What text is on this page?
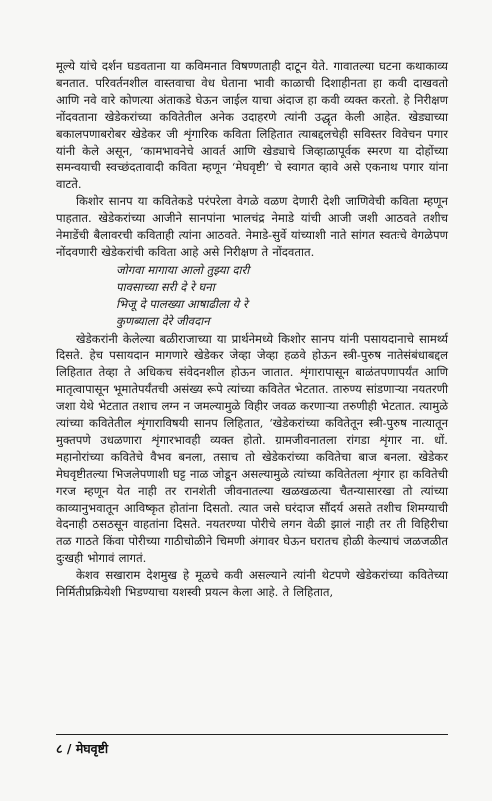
मूल्ये यांचे दर्शन घडवताना या कविमनात विषण्णताही दाटून येते. गावातल्या घटना कथाकाव्य बनतात. परिवर्तनशील वास्तवाचा वेध घेताना भावी काळाची दिशाहीनता हा कवी दाखवतो आणि नवे वारे कोणत्या अंताकडे घेऊन जाईल याचा अंदाज हा कवी व्यक्त करतो. हे निरीक्षण नोंदवताना खेडेकरांच्या कवितेतील अनेक उदाहरणे त्यांनी उद्धृत केली आहेत. खेड्याच्या बकालपणाबरोबर खेडेकर जी शृंगारिक कविता लिहितात त्याबद्दलचेही सविस्तर विवेचन पगार यांनी केले असून, ‘कामभावनेचे आवर्त आणि खेड्याचे जिव्हाळापूर्वक स्मरण या दोहोंच्या समन्वयाची स्वच्छंदतावादी कविता म्हणून ‘मेघवृष्टी’ चे स्वागत व्हावे असे एकनाथ पगार यांना वाटते.

किशोर सानप या कवितेकडे परंपरेला वेगळे वळण देणारी देशी जाणिवेची कविता म्हणून पाहतात. खेडेकरांच्या आजीने सानपांना भालचंद्र नेमाडे यांची आजी जशी आठवते तशीच नेमाडेंची बैलावरची कविताही त्यांना आठवते. नेमाडे-सुर्वे यांच्याशी नाते सांगत स्वतःचे वेगळेपण नोंदवणारी खेडेकरांची कविता आहे असे निरीक्षण ते नोंदवतात.

जोगवा मागाया आलो तुझ्या दारी
पावसाच्या सरी दे रे घना
भिजू दे पालख्या आषाढीला ये रे
कुणब्याला देरे जीवदान

खेडेकरांनी केलेल्या बळीराजाच्या या प्रार्थनेमध्ये किशोर सानप यांनी पसायदानाचे सामर्थ्य दिसते. हेच पसायदान मागणारे खेडेकर जेव्हा जेव्हा हळवे होऊन स्त्री-पुरुष नातेसंबंधाबद्दल लिहितात तेव्हा ते अधिकच संवेदनशील होऊन जातात. शृंगारापासून बाळंतपणापर्यंत आणि मातृत्वापासून भूमातेपर्यंतची असंख्य रूपे त्यांच्या कवितेत भेटतात. तारुण्य सांडणाऱ्या नयतरणी जशा येथे भेटतात तशाच लग्न न जमल्यामुळे विहीर जवळ करणाऱ्या तरुणीही भेटतात. त्यामुळे त्यांच्या कवितेतील शृंगाराविषयी सानप लिहितात, ‘खेडेकरांच्या कवितेतून स्त्री-पुरुष नात्यातून मुक्तपणे उधळणारा शृंगारभावही व्यक्त होतो. ग्रामजीवनातला रांगडा शृंगार ना. धों. महानोरांच्या कवितेचे वैभव बनला, तसाच तो खेडेकरांच्या कवितेचा बाज बनला. खेडेकर मेघवृष्टीतल्या भिजलेपणाशी घट्ट नाळ जोडून असल्यामुळे त्यांच्या कवितेतला शृंगार हा कवितेची गरज म्हणून येत नाही तर रानशेती जीवनातल्या खळखळत्या चैतन्यासारखा तो त्यांच्या काव्यानुभवातून आविष्कृत होतांना दिसतो. त्यात जसे घरंदाज सौंदर्य असते तशीच शिमग्याची वेदनाही ठसठसून वाहतांना दिसते. नयतरण्या पोरीचे लगन वेळी झालं नाही तर ती विहिरीचा तळ गाठते किंवा पोरीच्या गाठीचोळीने चिमणी अंगावर घेऊन घरातच होळी केल्याचं जळजळीत दुःखही भोगावं लागतं.

केशव सखाराम देशमुख हे मूळचे कवी असल्याने त्यांनी थेटपणे खेडेकरांच्या कवितेच्या निर्मितीप्रक्रियेशी भिडण्याचा यशस्वी प्रयत्न केला आहे. ते लिहितात,

८ / मेघवृष्टी
